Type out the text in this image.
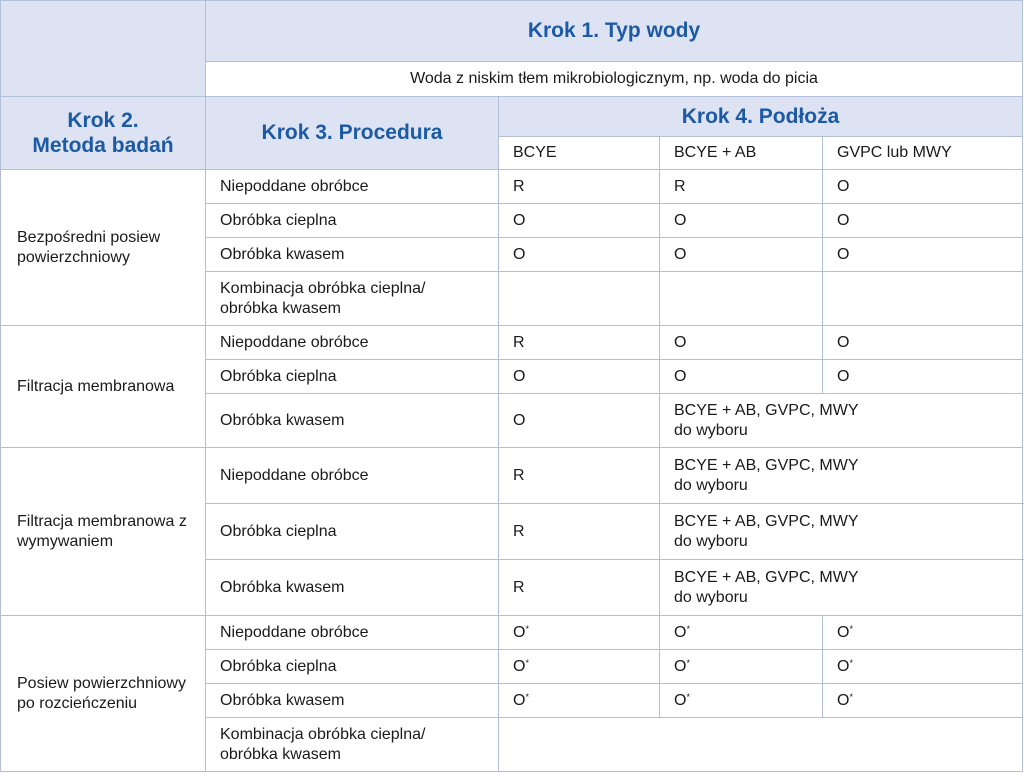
	Krok 1. Typ wody				
	Woda z niskim tłem mikrobiologicznym, np. woda do picia				

Krok 2.
Metoda badań	Krok 3. Procedura	Krok 4. Podłoża			
		BCYE	BCYE + AB	GVPC lub MWY	
Bezpośredni posiew powierzchniowy	Niepoddane obróbce	R	R	O	
	Obróbka cieplna	O	O	O	
	Obróbka kwasem	O	O	O	

	Kombinacja obróbka cieplna/
obróbka kwasem				

Filtracja membranowa	Niepoddane obróbce	R	O	O	
	Obróbka cieplna	O	O	O	
	Obróbka kwasem	O	BCYE + AB, GVPC, MWY
do wyboru		

Filtracja membranowa z wymywaniem	Niepoddane obróbce	R	BCYE + AB, GVPC, MWY
do wyboru		

	Obróbka cieplna	R	BCYE + AB, GVPC, MWY
do wyboru		

	Obróbka kwasem	R	BCYE + AB, GVPC, MWY
do wyboru		

Posiew powierzchniowy po rozcieńczeniu	Niepoddane obróbce	O*	O*	O*
	Obróbka cieplna	O*	O*	O*
	Obróbka kwasem	O*	O*	O*

	Kombinacja obróbka cieplna/
obróbka kwasem				
